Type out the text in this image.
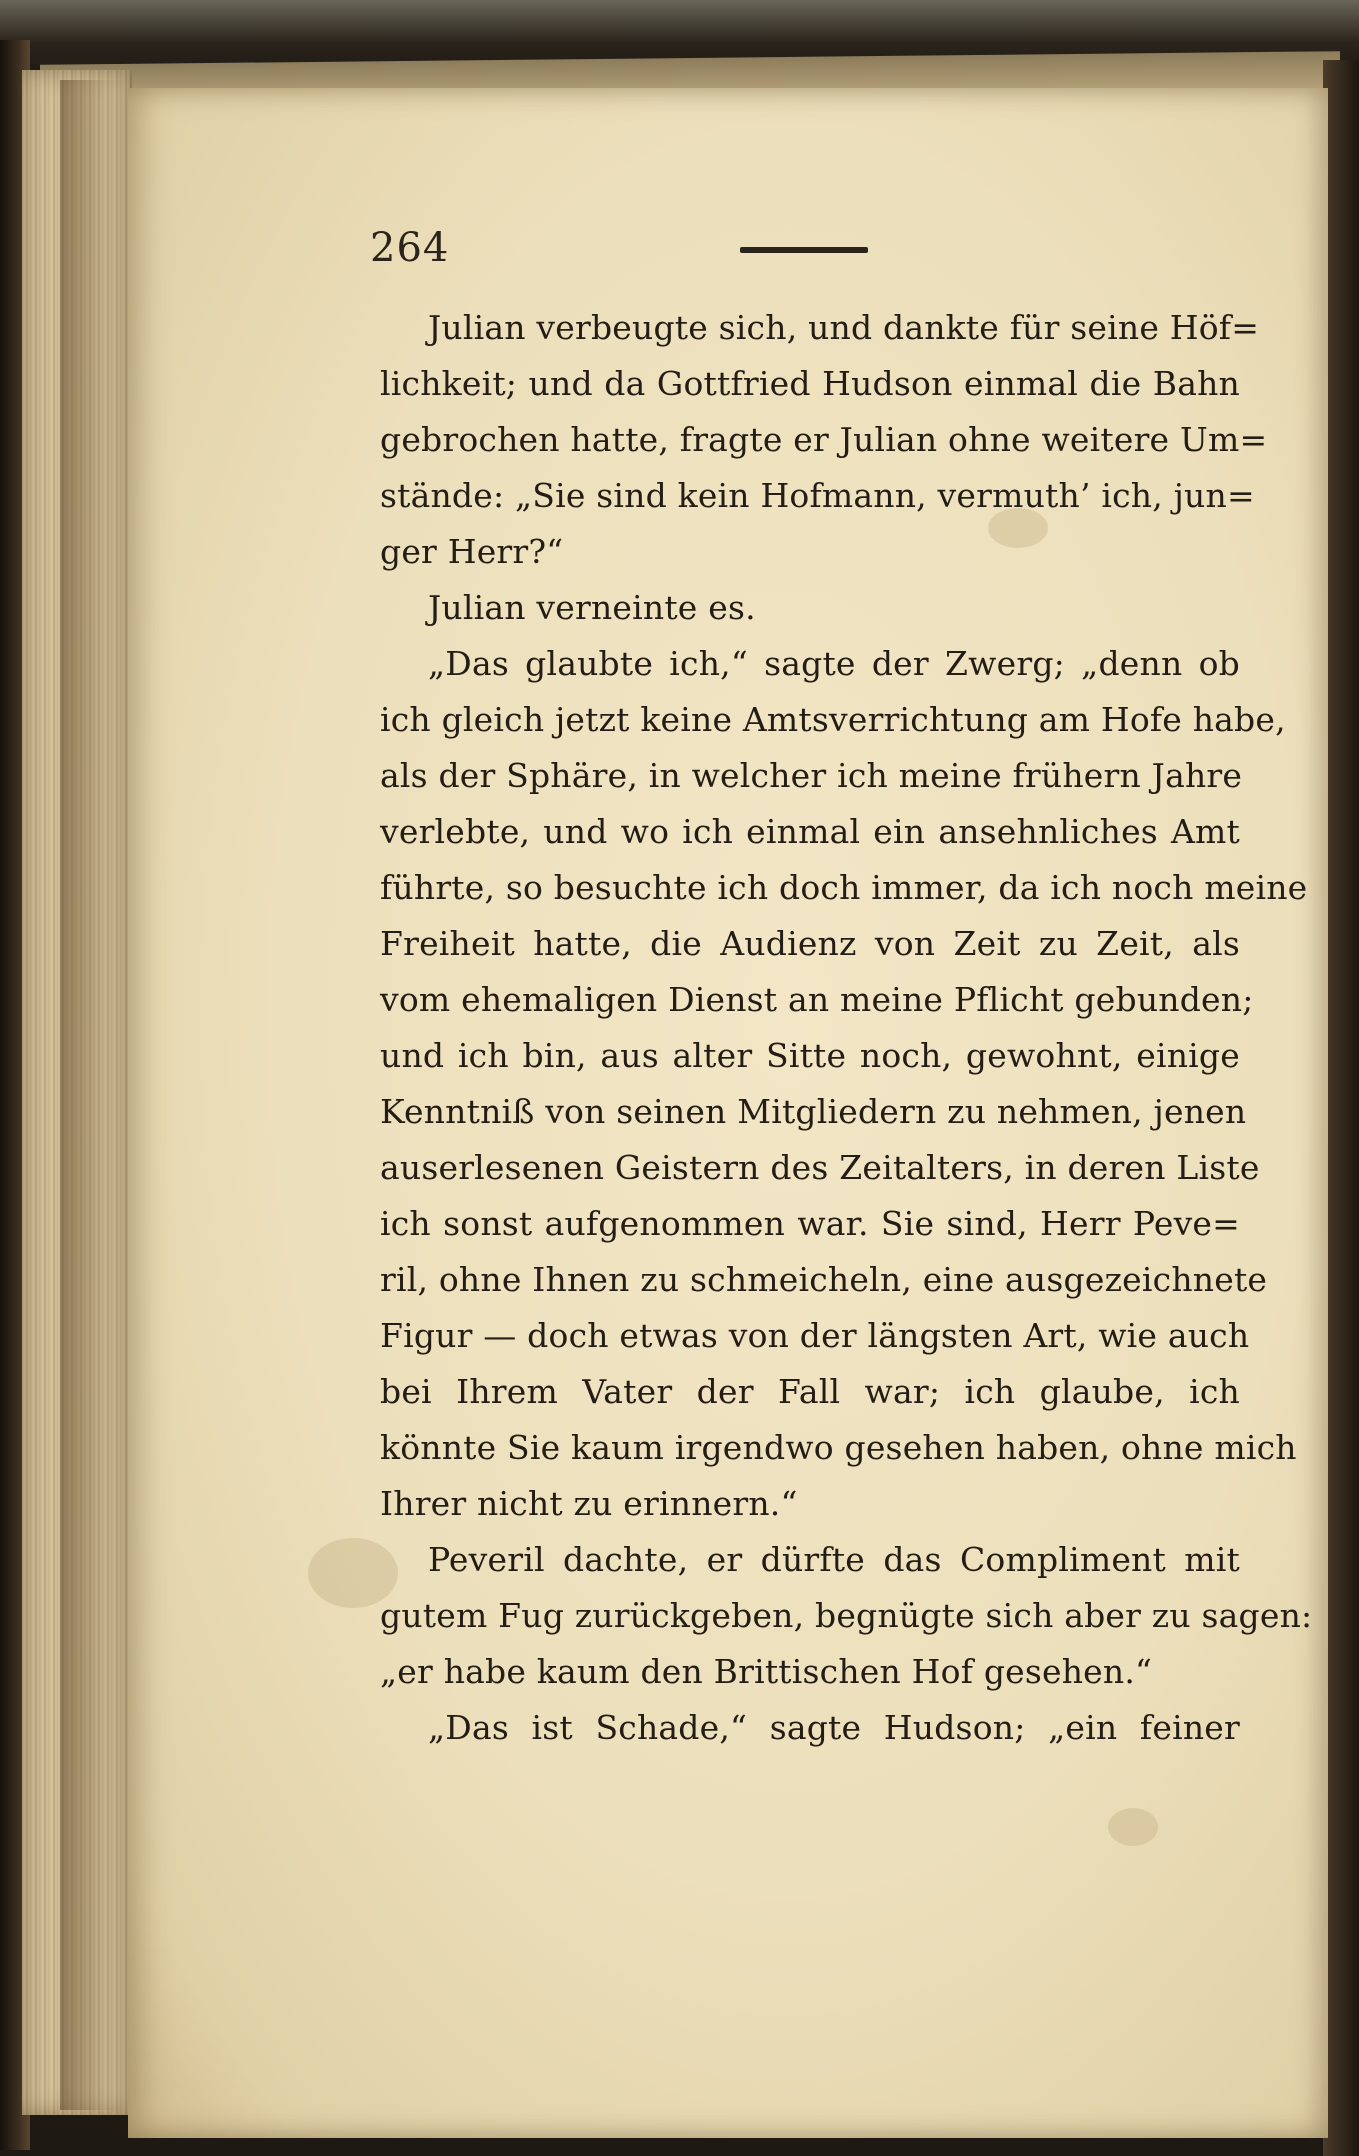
264
Julian verbeugte sich, und dankte für seine Höf=
lichkeit; und da Gottfried Hudson einmal die Bahn
gebrochen hatte, fragte er Julian ohne weitere Um=
stände: „Sie sind kein Hofmann, vermuth’ ich, jun=
ger Herr?“
Julian verneinte es.
„Das glaubte ich,“ sagte der Zwerg; „denn ob
ich gleich jetzt keine Amtsverrichtung am Hofe habe,
als der Sphäre, in welcher ich meine frühern Jahre
verlebte, und wo ich einmal ein ansehnliches Amt
führte, so besuchte ich doch immer, da ich noch meine
Freiheit hatte, die Audienz von Zeit zu Zeit, als
vom ehemaligen Dienst an meine Pflicht gebunden;
und ich bin, aus alter Sitte noch, gewohnt, einige
Kenntniß von seinen Mitgliedern zu nehmen, jenen
auserlesenen Geistern des Zeitalters, in deren Liste
ich sonst aufgenommen war. Sie sind, Herr Peve=
ril, ohne Ihnen zu schmeicheln, eine ausgezeichnete
Figur — doch etwas von der längsten Art, wie auch
bei Ihrem Vater der Fall war; ich glaube, ich
könnte Sie kaum irgendwo gesehen haben, ohne mich
Ihrer nicht zu erinnern.“
Peveril dachte, er dürfte das Compliment mit
gutem Fug zurückgeben, begnügte sich aber zu sagen:
„er habe kaum den Brittischen Hof gesehen.“
„Das ist Schade,“ sagte Hudson; „ein feiner
